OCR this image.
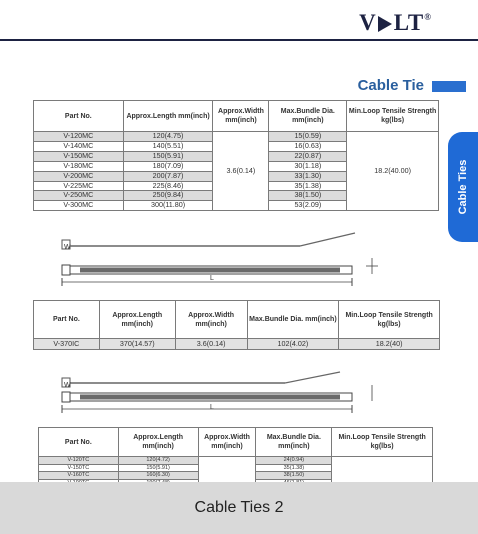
V LT®
Cable Tie
Cable Ties
Part No.	Approx.Length mm(inch)	Approx.Width mm(inch)	Max.Bundle Dia. mm(inch)	Min.Loop Tensile Strength kg(lbs)
V-120MC	120(4.75)	3.6(0.14)	15(0.59)	18.2(40.00)
V-140MC	140(5.51)		16(0.63)	
V-150MC	150(5.91)		22(0.87)	
V-180MC	180(7.09)		30(1.18)	
V-200MC	200(7.87)		33(1.30)	
V-225MC	225(8.46)		35(1.38)	
V-250MC	250(9.84)		38(1.50)	
V-300MC	300(11.80)		53(2.09)	
W
L
Part No.	Approx.Length mm(inch)	Approx.Width mm(inch)	Max.Bundle Dia. mm(inch)	Min.Loop Tensile Strength kg(lbs)
V-370IC	370(14.57)	3.6(0.14)	102(4.02)	18.2(40)
W
L
Part No.	Approx.Length mm(inch)	Approx.Width mm(inch)	Max.Bundle Dia. mm(inch)	Min.Loop Tensile Strength kg(lbs)
V-120TC	120(4.72)		24(0.94)	
V-150TC	150(5.91)		35(1.38)	
V-160TC	160(6.30)		38(1.50)	

Cable Ties 2
